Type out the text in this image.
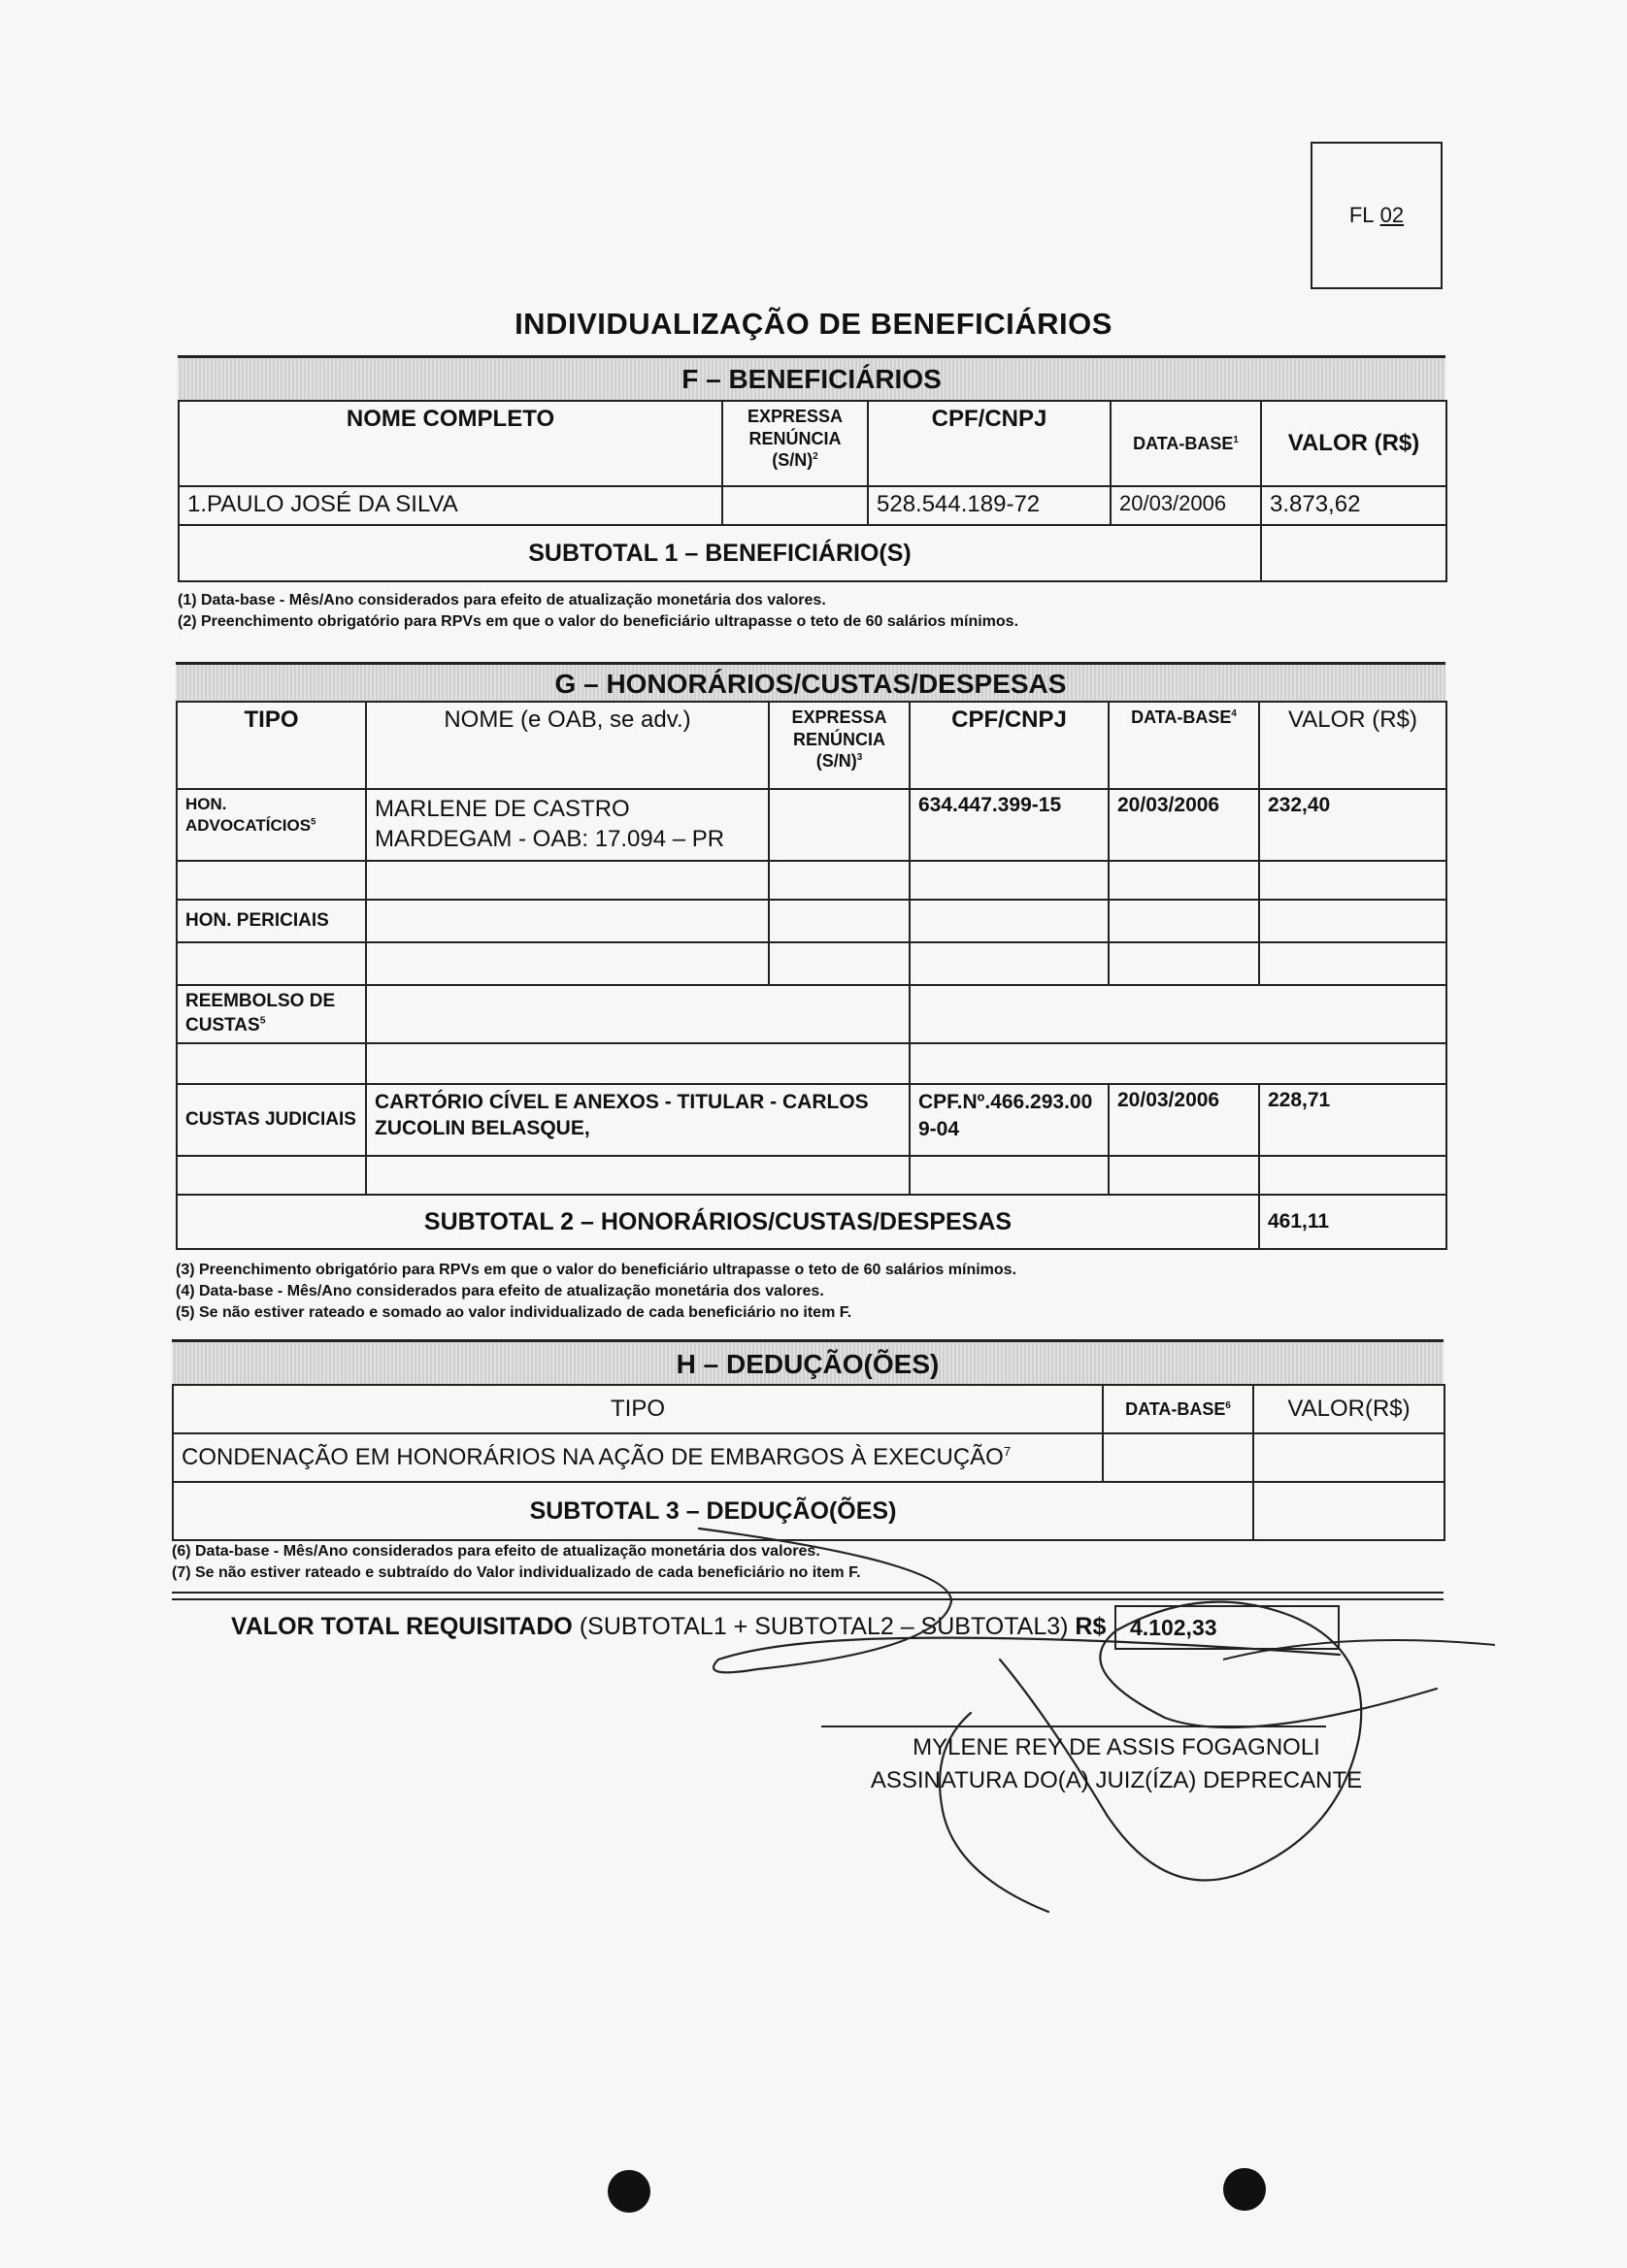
FL
02
INDIVIDUALIZAÇÃO DE BENEFICIÁRIOS
F – BENEFICIÁRIOS
NOME COMPLETO	EXPRESSA RENÚNCIA $(S/N)^2$	CPF/CNPJ	DATA-BASE$^1$	VALOR (R$)
1.PAULO JOSÉ DA SILVA		528.544.189-72	20/03/2006	3.873,62
SUBTOTAL 1 – BENEFICIÁRIO(S)				
(1) Data-base - Mês/Ano considerados para efeito de atualização monetária dos valores.
(2) Preenchimento obrigatório para RPVs em que o valor do beneficiário ultrapasse o teto de 60 salários mínimos.
G – HONORÁRIOS/CUSTAS/DESPESAS
TIPO	NOME (e OAB, se adv.)	EXPRESSA RENÚNCIA $(S/N)^3$	CPF/CNPJ	DATA-BASE$^4$	VALOR (R$)
HON. ADVOCATÍCIOS$^5$	MARLENE DE CASTRO MARDEGAM - OAB: 17.094 – PR		634.447.399-15	20/03/2006	232,40

HON. PERICIAIS					

REEMBOLSO DE CUSTAS$^5$		

CUSTAS JUDICIAIS	CARTÓRIO CÍVEL E ANEXOS - TITULAR - CARLOS ZUCOLIN BELASQUE,		CPF.Nº.466.293.009-04	20/03/2006	228,71

SUBTOTAL 2 – HONORÁRIOS/CUSTAS/DESPESAS					461,11
(3) Preenchimento obrigatório para RPVs em que o valor do beneficiário ultrapasse o teto de 60 salários mínimos.
(4) Data-base - Mês/Ano considerados para efeito de atualização monetária dos valores.
(5) Se não estiver rateado e somado ao valor individualizado de cada beneficiário no item F.
H – DEDUÇÃO(ÕES)
TIPO	DATA-BASE$^6$	VALOR(R$)
CONDENAÇÃO EM HONORÁRIOS NA AÇÃO DE EMBARGOS À EXECUÇÃO$^7$		
SUBTOTAL 3 – DEDUÇÃO(ÕES)		
(6) Data-base - Mês/Ano considerados para efeito de atualização monetária dos valores.
(7) Se não estiver rateado e subtraído do Valor individualizado de cada beneficiário no item F.
VALOR TOTAL REQUISITADO (SUBTOTAL1 + SUBTOTAL2 – SUBTOTAL3) R$	4.102,33
MYLENE REY DE ASSIS FOGAGNOLI
ASSINATURA DO(A) JUIZ(ÍZA) DEPRECANTE
